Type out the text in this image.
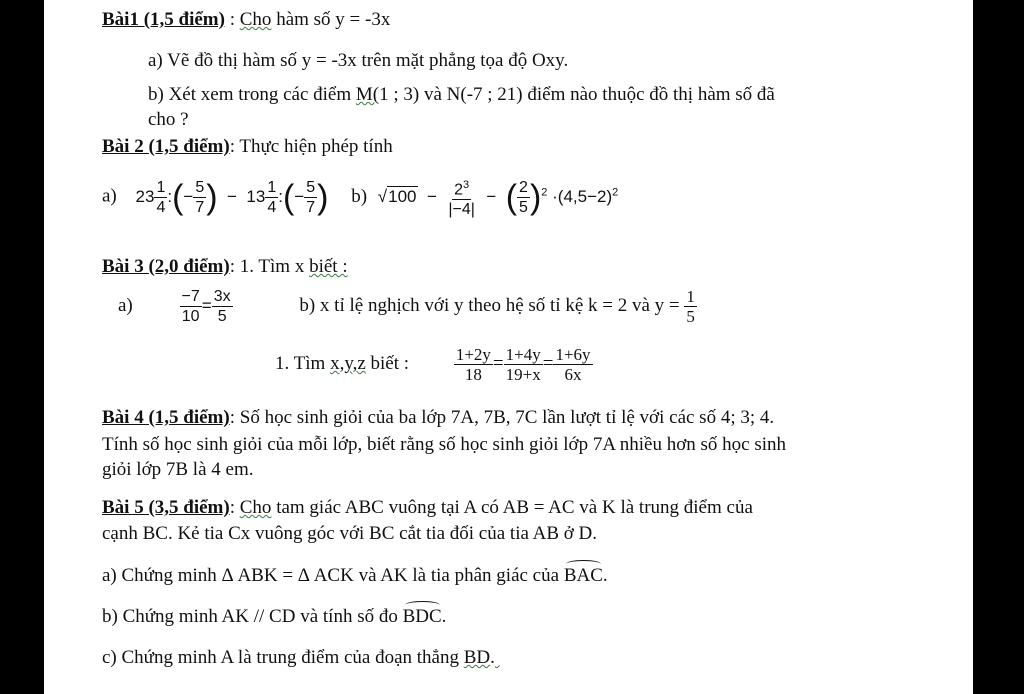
Bài1 (1,5 điểm) : Cho hàm số y = -3x
a) Vẽ đồ thị hàm số y = -3x trên mặt phẳng tọa độ Oxy.
b) Xét xem trong các điểm M(1 ; 3) và N(-7 ; 21) điểm nào thuộc đồ thị hàm số đã
cho ?
Bài 2 (1,5 điểm): Thực hiện phép tính
a) $23 \frac{1}{4}$ :(− $\frac{5}{7}$ )  −  $13 \frac{1}{4}$ :(− $\frac{5}{7}$ ) b) $√100 - \frac{2^3}{|-4|}$ −  ( $\frac{2}{5} )^2 \cdot(4,5-2)^2$
Bài 3 (2,0 điểm): 1. Tìm x biết :
a)	$\frac{-7}{10} = \frac{3x}{5}$	b) x tỉ lệ nghịch với y theo hệ số tỉ kệ k = 2 và $y = \frac{1}{5}$
1. Tìm x,y,z biết :	$\frac{1+2y}{18} = \frac{1+4y}{19+x} = \frac{1+6y}{6x}$
Bài 4 (1,5 điểm): Số học sinh giỏi của ba lớp 7A, 7B, 7C lần lượt tỉ lệ với các số 4; 3; 4.
Tính số học sinh giỏi của mỗi lớp, biết rằng số học sinh giỏi lớp 7A nhiều hơn số học sinh
giỏi lớp 7B là 4 em.
Bài 5 (3,5 điểm): Cho tam giác ABC vuông tại A có AB = AC và K là trung điểm của
cạnh BC. Kẻ tia Cx vuông góc với BC cắt tia đối của tia AB ở D.
a) Chứng minh Δ ABK = Δ ACK và AK là tia phân giác của BAC.
b) Chứng minh AK // CD và tính số đo BDC.
c) Chứng minh A là trung điểm của đoạn thẳng BD.
